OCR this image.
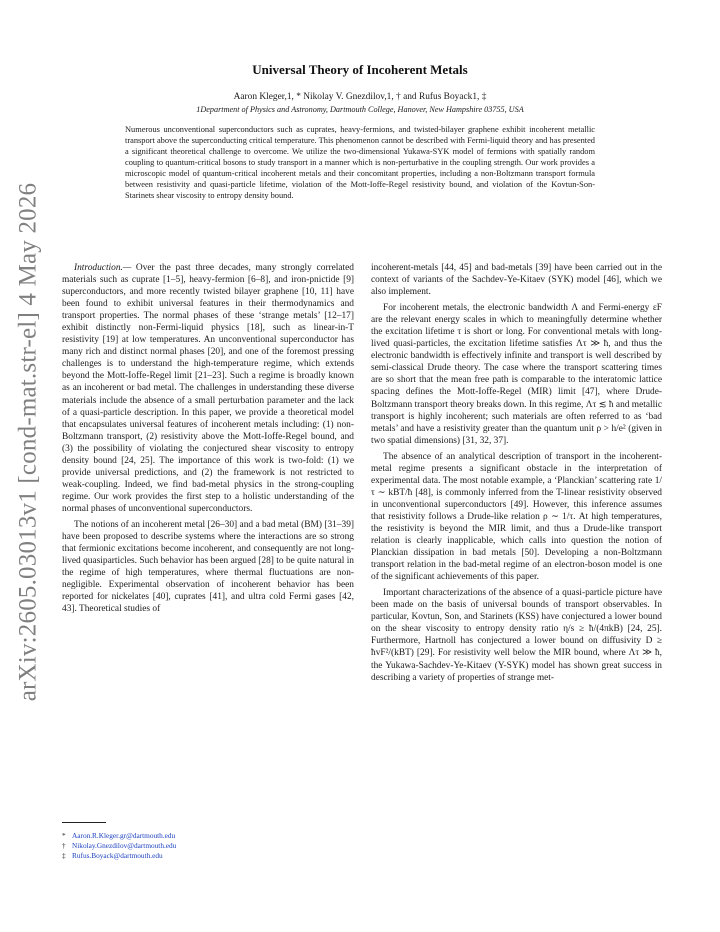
arXiv:2605.03013v1 [cond-mat.str-el] 4 May 2026
Universal Theory of Incoherent Metals
Aaron Kleger,1, * Nikolay V. Gnezdilov,1, † and Rufus Boyack1, ‡
1Department of Physics and Astronomy, Dartmouth College, Hanover, New Hampshire 03755, USA
Numerous unconventional superconductors such as cuprates, heavy-fermions, and twisted-bilayer graphene exhibit incoherent metallic transport above the superconducting critical temperature. This phenomenon cannot be described with Fermi-liquid theory and has presented a significant theoretical challenge to overcome. We utilize the two-dimensional Yukawa-SYK model of fermions with spatially random coupling to quantum-critical bosons to study transport in a manner which is non-perturbative in the coupling strength. Our work provides a microscopic model of quantum-critical incoherent metals and their concomitant properties, including a non-Boltzmann transport formula between resistivity and quasi-particle lifetime, violation of the Mott-Ioffe-Regel resistivity bound, and violation of the Kovtun-Son-Starinets shear viscosity to entropy density bound.

Introduction.— Over the past three decades, many strongly correlated materials such as cuprate [1–5], heavy-fermion [6–8], and iron-pnictide [9] superconductors, and more recently twisted bilayer graphene [10, 11] have been found to exhibit universal features in their thermodynamics and transport properties. The normal phases of these ‘strange metals’ [12–17] exhibit distinctly non-Fermi-liquid physics [18], such as linear-in-T resistivity [19] at low temperatures. An unconventional superconductor has many rich and distinct normal phases [20], and one of the foremost pressing challenges is to understand the high-temperature regime, which extends beyond the Mott-Ioffe-Regel limit [21–23]. Such a regime is broadly known as an incoherent or bad metal. The challenges in understanding these diverse materials include the absence of a small perturbation parameter and the lack of a quasi-particle description. In this paper, we provide a theoretical model that encapsulates universal features of incoherent metals including: (1) non-Boltzmann transport, (2) resistivity above the Mott-Ioffe-Regel bound, and (3) the possibility of violating the conjectured shear viscosity to entropy density bound [24, 25]. The importance of this work is two-fold: (1) we provide universal predictions, and (2) the framework is not restricted to weak-coupling. Indeed, we find bad-metal physics in the strong-coupling regime. Our work provides the first step to a holistic understanding of the normal phases of unconventional superconductors.

The notions of an incoherent metal [26–30] and a bad metal (BM) [31–39] have been proposed to describe systems where the interactions are so strong that fermionic excitations become incoherent, and consequently are not long-lived quasiparticles. Such behavior has been argued [28] to be quite natural in the regime of high temperatures, where thermal fluctuations are non-negligible. Experimental observation of incoherent behavior has been reported for nickelates [40], cuprates [41], and ultra cold Fermi gases [42, 43]. Theoretical studies of

incoherent-metals [44, 45] and bad-metals [39] have been carried out in the context of variants of the Sachdev-Ye-Kitaev (SYK) model [46], which we also implement.

For incoherent metals, the electronic bandwidth Λ and Fermi-energy εF are the relevant energy scales in which to meaningfully determine whether the excitation lifetime τ is short or long. For conventional metals with long-lived quasi-particles, the excitation lifetime satisfies Λτ ≫ ħ, and thus the electronic bandwidth is effectively infinite and transport is well described by semi-classical Drude theory. The case where the transport scattering times are so short that the mean free path is comparable to the interatomic lattice spacing defines the Mott-Ioffe-Regel (MIR) limit [47], where Drude-Boltzmann transport theory breaks down. In this regime, Λτ ≲ ħ and metallic transport is highly incoherent; such materials are often referred to as ‘bad metals’ and have a resistivity greater than the quantum unit ρ > h/e² (given in two spatial dimensions) [31, 32, 37].

The absence of an analytical description of transport in the incoherent-metal regime presents a significant obstacle in the interpretation of experimental data. The most notable example, a ‘Planckian’ scattering rate 1/τ ∼ kBT/ħ [48], is commonly inferred from the T-linear resistivity observed in unconventional superconductors [49]. However, this inference assumes that resistivity follows a Drude-like relation ρ ∼ 1/τ. At high temperatures, the resistivity is beyond the MIR limit, and thus a Drude-like transport relation is clearly inapplicable, which calls into question the notion of Planckian dissipation in bad metals [50]. Developing a non-Boltzmann transport relation in the bad-metal regime of an electron-boson model is one of the significant achievements of this paper.

Important characterizations of the absence of a quasi-particle picture have been made on the basis of universal bounds of transport observables. In particular, Kovtun, Son, and Starinets (KSS) have conjectured a lower bound on the shear viscosity to entropy density ratio η/s ≥ ħ/(4πkB) [24, 25]. Furthermore, Hartnoll has conjectured a lower bound on diffusivity D ≥ ħvF²/(kBT) [29]. For resistivity well below the MIR bound, where Λτ ≫ ħ, the Yukawa-Sachdev-Ye-Kitaev (Y-SYK) model has shown great success in describing a variety of properties of strange met-

* Aaron.R.Kleger.gr@dartmouth.edu
† Nikolay.Gnezdilov@dartmouth.edu
‡ Rufus.Boyack@dartmouth.edu
